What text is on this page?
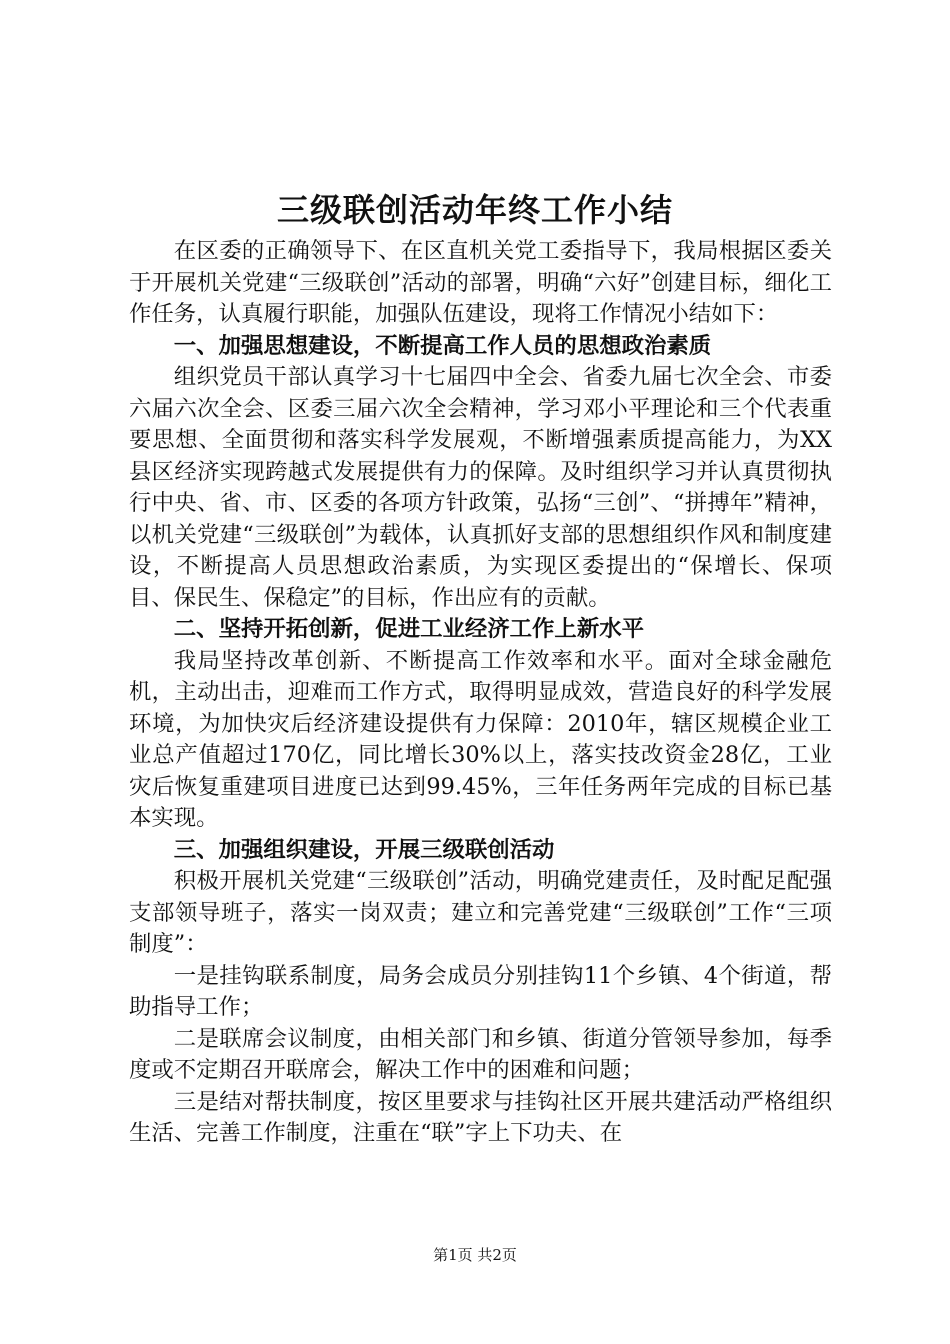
三级联创活动年终工作小结

在区委的正确领导下、在区直机关党工委指导下，我局根据区委关于开展机关党建“三级联创”活动的部署，明确“六好”创建目标，细化工作任务，认真履行职能，加强队伍建设，现将工作情况小结如下：

一、加强思想建设，不断提高工作人员的思想政治素质

组织党员干部认真学习十七届四中全会、省委九届七次全会、市委六届六次全会、区委三届六次全会精神，学习邓小平理论和三个代表重要思想、全面贯彻和落实科学发展观，不断增强素质提高能力，为XX县区经济实现跨越式发展提供有力的保障。及时组织学习并认真贯彻执行中央、省、市、区委的各项方针政策，弘扬“三创”、“拼搏年”精神，以机关党建“三级联创”为载体，认真抓好支部的思想组织作风和制度建设，不断提高人员思想政治素质，为实现区委提出的“保增长、保项目、保民生、保稳定”的目标，作出应有的贡献。

二、坚持开拓创新，促进工业经济工作上新水平

我局坚持改革创新、不断提高工作效率和水平。面对全球金融危机，主动出击，迎难而工作方式，取得明显成效，营造良好的科学发展环境，为加快灾后经济建设提供有力保障：2010年，辖区规模企业工业总产值超过170亿，同比增长30%以上，落实技改资金28亿，工业灾后恢复重建项目进度已达到99.45%，三年任务两年完成的目标已基本实现。

三、加强组织建设，开展三级联创活动

积极开展机关党建“三级联创”活动，明确党建责任，及时配足配强支部领导班子，落实一岗双责；建立和完善党建“三级联创”工作“三项制度”：

一是挂钩联系制度，局务会成员分别挂钩11个乡镇、4个街道，帮助指导工作；

二是联席会议制度，由相关部门和乡镇、街道分管领导参加，每季度或不定期召开联席会，解决工作中的困难和问题；

三是结对帮扶制度，按区里要求与挂钩社区开展共建活动严格组织生活、完善工作制度，注重在“联”字上下功夫、在

第1页 共2页
